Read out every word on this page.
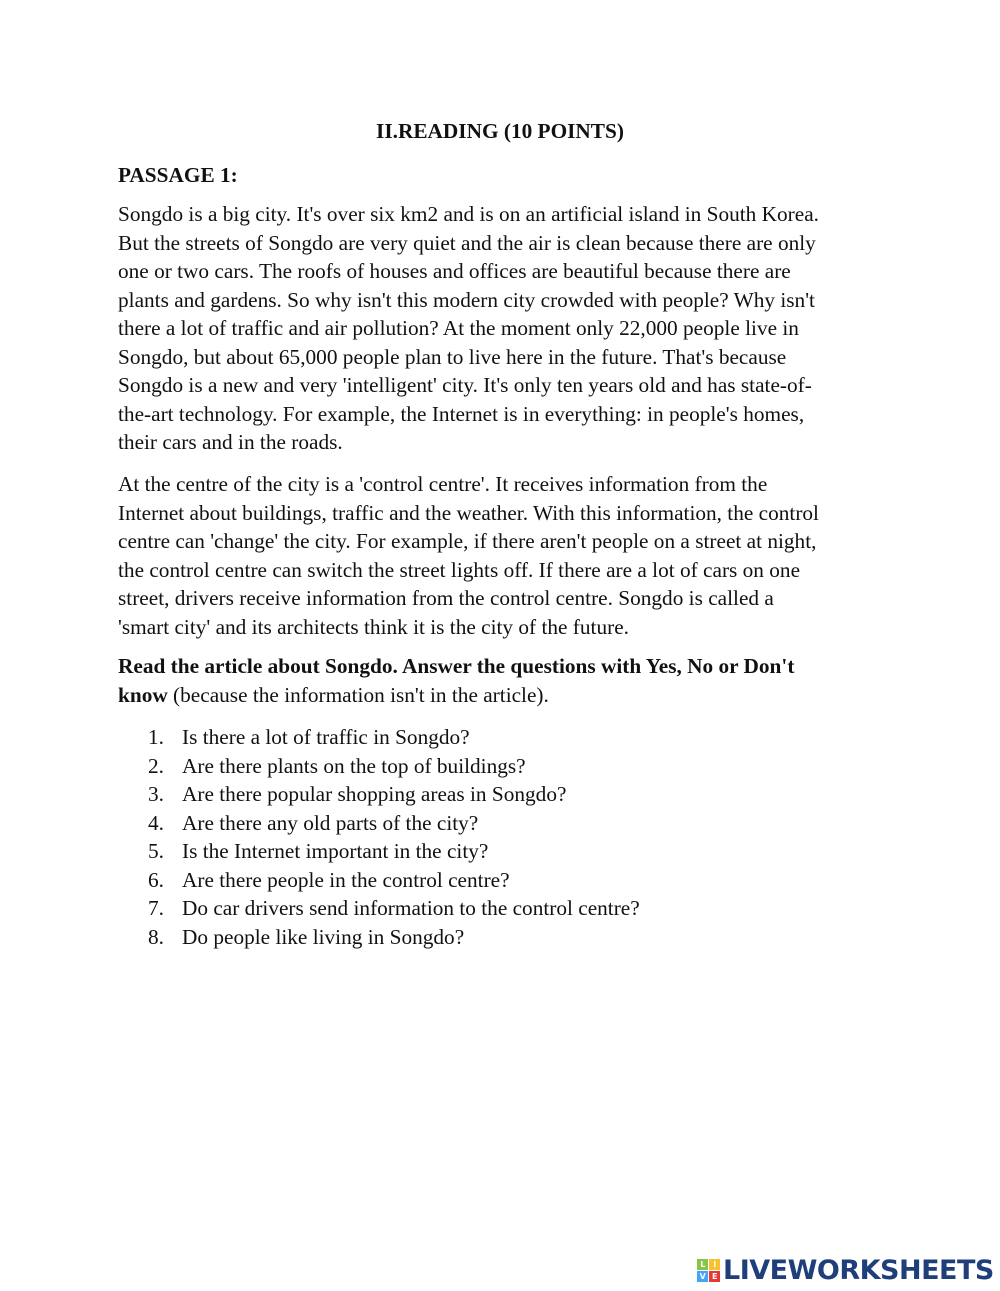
II.READING (10 POINTS)
PASSAGE 1:
Songdo is a big city. It's over six km2 and is on an artificial island in South Korea.
But the streets of Songdo are very quiet and the air is clean because there are only
one or two cars. The roofs of houses and offices are beautiful because there are
plants and gardens. So why isn't this modern city crowded with people? Why isn't
there a lot of traffic and air pollution? At the moment only 22,000 people live in
Songdo, but about 65,000 people plan to live here in the future. That's because
Songdo is a new and very 'intelligent' city. It's only ten years old and has state-of-
the-art technology. For example, the Internet is in everything: in people's homes,
their cars and in the roads.
At the centre of the city is a 'control centre'. It receives information from the
Internet about buildings, traffic and the weather. With this information, the control
centre can 'change' the city. For example, if there aren't people on a street at night,
the control centre can switch the street lights off. If there are a lot of cars on one
street, drivers receive information from the control centre. Songdo is called a
'smart city' and its architects think it is the city of the future.
Read the article about Songdo. Answer the questions with Yes, No or Don't
know (because the information isn't in the article).
1. Is there a lot of traffic in Songdo?
2. Are there plants on the top of buildings?
3. Are there popular shopping areas in Songdo?
4. Are there any old parts of the city?
5. Is the Internet important in the city?
6. Are there people in the control centre?
7. Do car drivers send information to the control centre?
8. Do people like living in Songdo?
L	I
V E LIVEWORKSHEETS
